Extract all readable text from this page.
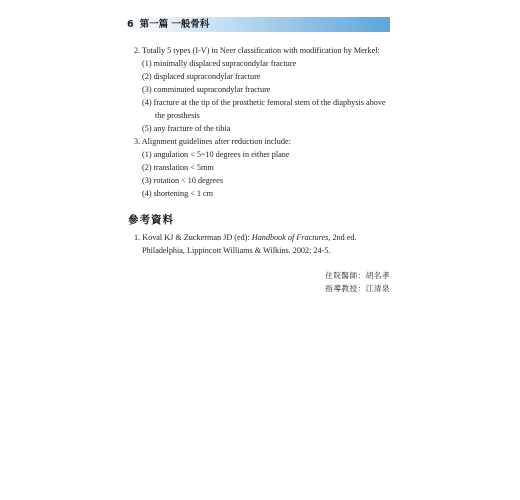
6 第一篇 一般骨科
2. Totally 5 types (I-V) in Neer classification with modification by Merkel:
(1) minimally displaced supracondylar fracture
(2) displaced supracondylar fracture
(3) comminuted supracondylar fracture
(4) fracture at the tip of the prosthetic femoral stem of the diaphysis above
the prosthesis
(5) any fracture of the tibia
3. Alignment guidelines after reduction include:
(1) angulation < 5~10 degrees in either plane
(2) translation < 5mm
(3) rotation < 10 degrees
(4) shortening < 1 cm
參考資料
1. Koval KJ & Zuckerman JD (ed): Handbook of Fractures, 2nd ed.
Philadelphia, Lippincott Williams & Wilkins. 2002; 24-5.
住院醫師：胡名孝
指導教授：江清泉
